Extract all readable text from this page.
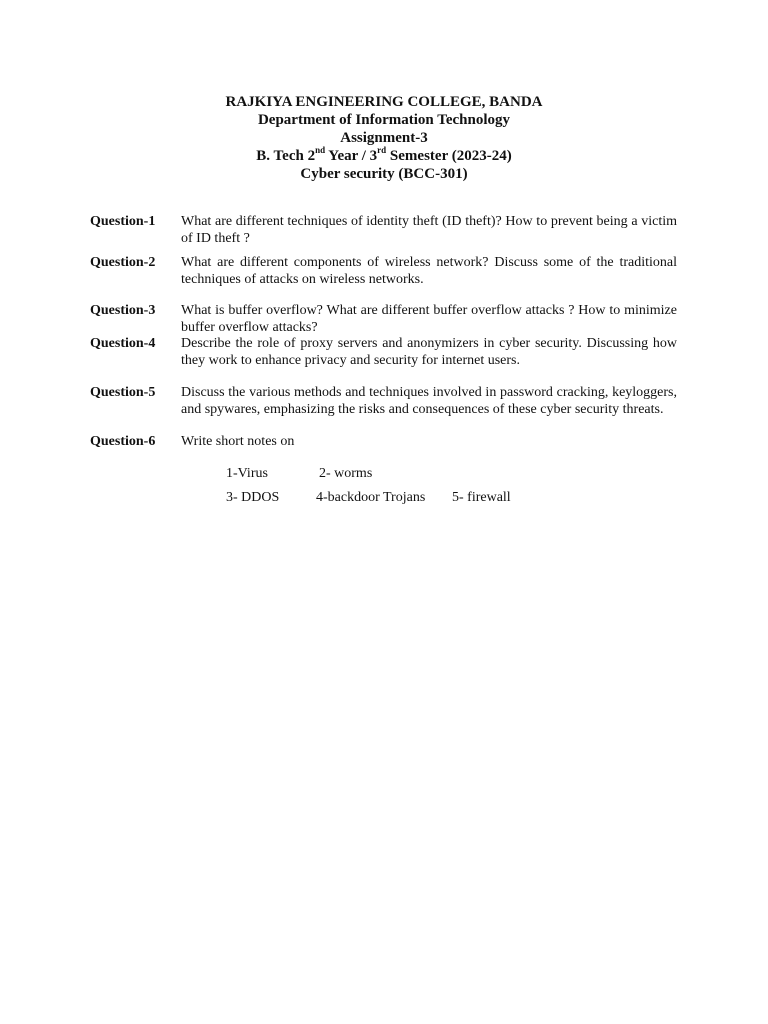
RAJKIYA ENGINEERING COLLEGE, BANDA
Department of Information Technology
Assignment-3
B. Tech 2nd Year / 3rd Semester (2023-24)
Cyber security (BCC-301)
Question-1 What are different techniques of identity theft (ID theft)? How to prevent being a victim of ID theft ?
Question-2 What are different components of wireless network? Discuss some of the traditional techniques of attacks on wireless networks.
Question-3 What is buffer overflow? What are different buffer overflow attacks ? How to minimize buffer overflow attacks?
Question-4 Describe the role of proxy servers and anonymizers in cyber security. Discussing how they work to enhance privacy and security for internet users.
Question-5 Discuss the various methods and techniques involved in password cracking, keyloggers, and spywares, emphasizing the risks and consequences of these cyber security threats.
Question-6 Write short notes on
1-Virus	2- worms
3- DDOS	4-backdoor Trojans 5- firewall
